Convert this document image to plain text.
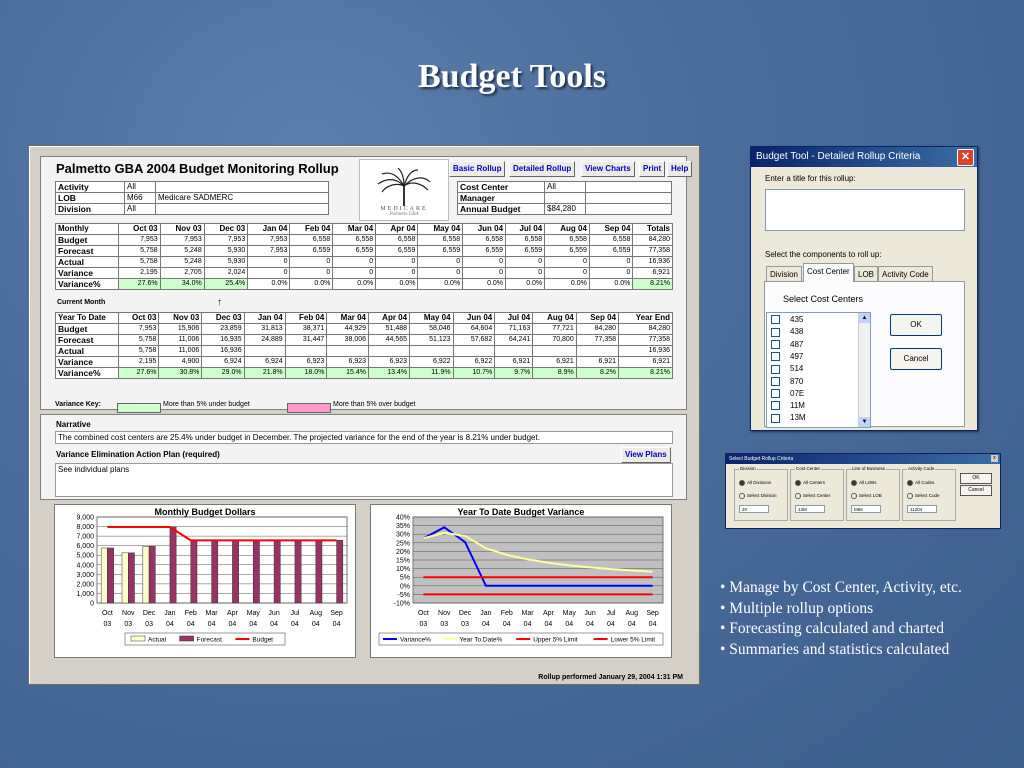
Budget Tools
Palmetto GBA 2004 Budget Monitoring Rollup
MEDICARE
Palmetto GBA
Basic Rollup	Detailed Rollup	View Charts	Print	Help
Activity	All	
LOB	M66	Medicare SADMERC
Division	All	
Cost Center	All	
Manager		
Annual Budget	$84,280	
Monthly	Oct 03	Nov 03	Dec 03	Jan 04	Feb 04	Mar 04	Apr 04	May 04	Jun 04	Jul 04	Aug 04	Sep 04	Totals
Budget	7,953	7,953	7,953	7,953	6,558	6,558	6,558	6,558	6,558	6,558	6,558	6,558	84,280
Forecast	5,758	5,248	5,930	7,953	6,559	6,559	6,559	6,559	6,559	6,559	6,559	6,559	77,358
Actual	5,758	5,248	5,930	0	0	0	0	0	0	0	0	0	16,936
Variance	2,195	2,705	2,024	0	0	0	0	0	0	0	0	0	6,921
Variance%	27.6%	34.0%	25.4%	0.0%	0.0%	0.0%	0.0%	0.0%	0.0%	0.0%	0.0%	0.0%	8.21%
Current Month	↑
Year To Date	Oct 03	Nov 03	Dec 03	Jan 04	Feb 04	Mar 04	Apr 04	May 04	Jun 04	Jul 04	Aug 04	Sep 04	Year End
Budget	7,953	15,906	23,859	31,813	38,371	44,929	51,488	58,046	64,604	71,163	77,721	84,280	84,280
Forecast	5,758	11,006	16,935	24,889	31,447	38,006	44,565	51,123	57,682	64,241	70,800	77,358	77,358
Actual	5,758	11,006	16,936										16,936
Variance	2,195	4,900	6,924	6,924	6,923	6,923	6,923	6,922	6,922	6,921	6,921	6,921	6,921
Variance%	27.6%	30.8%	29.0%	21.8%	18.0%	15.4%	13.4%	11.9%	10.7%	9.7%	8.9%	8.2%	8.21%
Variance Key:	More than 5% under budget	More than 5% over budget
Narrative
The combined cost centers are 25.4% under budget in December. The projected variance for the end of the year is 8.21% under budget.
Variance Elimination Action Plan (required)	View Plans
See individual plans
Monthly Budget Dollars
9,000
8,000
7,000
6,000
5,000
4,000
3,000
2,000
1,000
0
Oct
03
Nov
03
Dec
03
Jan
04
Feb
04
Mar
04
Apr
04
May
04
Jun
04
Jul
04
Aug
04
Sep
04
Actual	Forecast	Budget
Year To Date Budget Variance
40%
35%
30%
25%
20%
15%
10%
5%
0%
-5%
-10%
Oct
03
Nov
03
Dec
03
Jan
04
Feb
04
Mar
04
Apr
04
May
04
Jun
04
Jul
04
Aug
04
Sep
04
Variance%	Year To Date%	Upper 5% Limit	Lower 5% Limit
Rollup performed January 29, 2004 1:31 PM
Budget Tool - Detailed Rollup Criteria	✕
Enter a title for this rollup:
Select the components to roll up:
Division	Cost Center	LOB Activity Code
Select Cost Centers
▲
▼
435
438
487
497
514
870
07E
11M
13M
OK
Cancel
Select Budget Rollup Criteria	x
OK
Cancel
Division
All Divisions
Select Division
20
Cost Center
All Centers
Select Center
13M
Line of Business
All LOBs
Select LOB
M66
Activity Code
All Codes
Select Code
11204
• Manage by Cost Center, Activity, etc.
• Multiple rollup options
• Forecasting calculated and charted
• Summaries and statistics calculated
